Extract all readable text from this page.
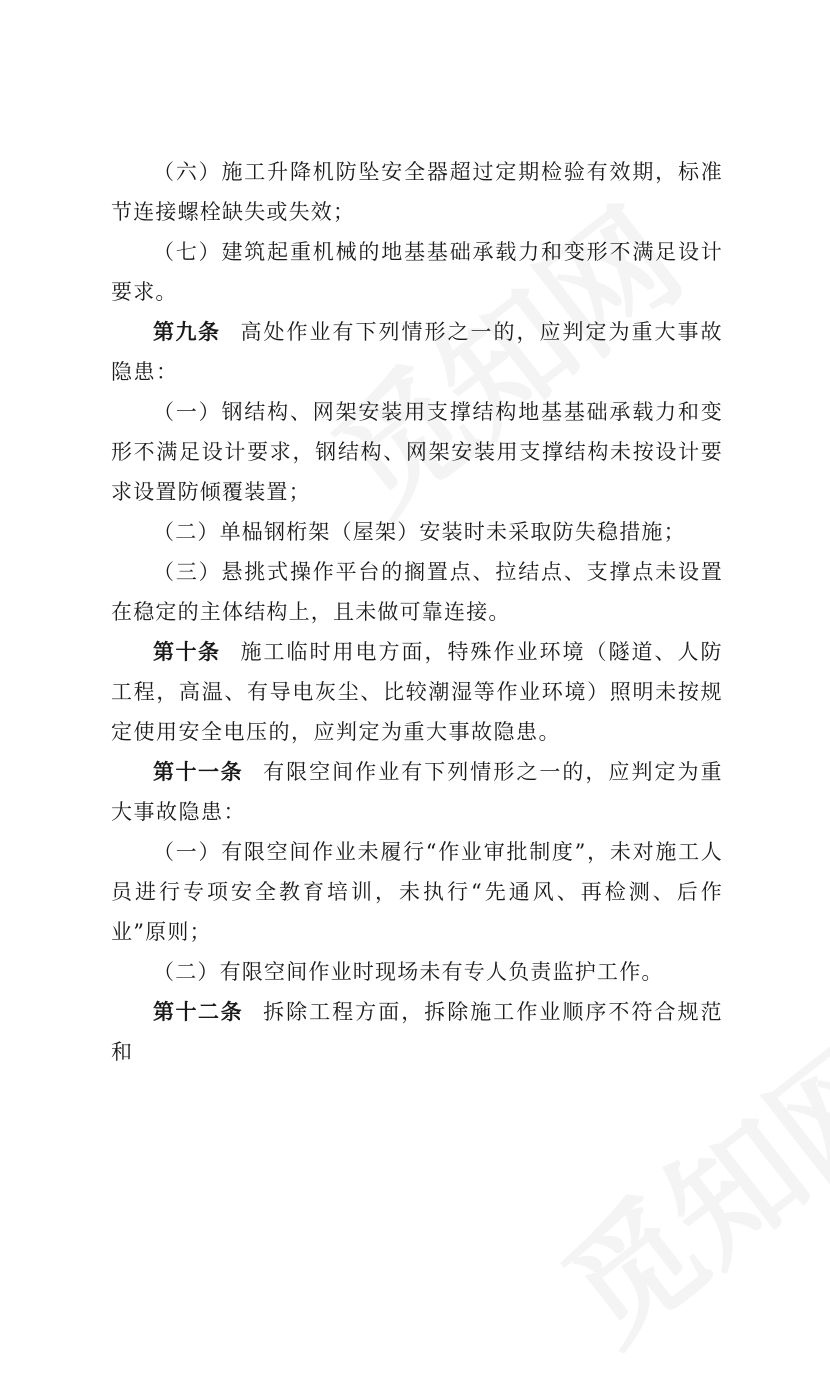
（六）施工升降机防坠安全器超过定期检验有效期，标准节连接螺栓缺失或失效；

（七）建筑起重机械的地基基础承载力和变形不满足设计要求。

第九条 高处作业有下列情形之一的，应判定为重大事故隐患：

（一）钢结构、网架安装用支撑结构地基基础承载力和变形不满足设计要求，钢结构、网架安装用支撑结构未按设计要求设置防倾覆装置；

（二）单榀钢桁架（屋架）安装时未采取防失稳措施；

（三）悬挑式操作平台的搁置点、拉结点、支撑点未设置在稳定的主体结构上，且未做可靠连接。

第十条 施工临时用电方面，特殊作业环境（隧道、人防工程，高温、有导电灰尘、比较潮湿等作业环境）照明未按规定使用安全电压的，应判定为重大事故隐患。

第十一条 有限空间作业有下列情形之一的，应判定为重大事故隐患：

（一）有限空间作业未履行“作业审批制度”，未对施工人员进行专项安全教育培训，未执行“先通风、再检测、后作业”原则；

（二）有限空间作业时现场未有专人负责监护工作。

第十二条 拆除工程方面，拆除施工作业顺序不符合规范和
